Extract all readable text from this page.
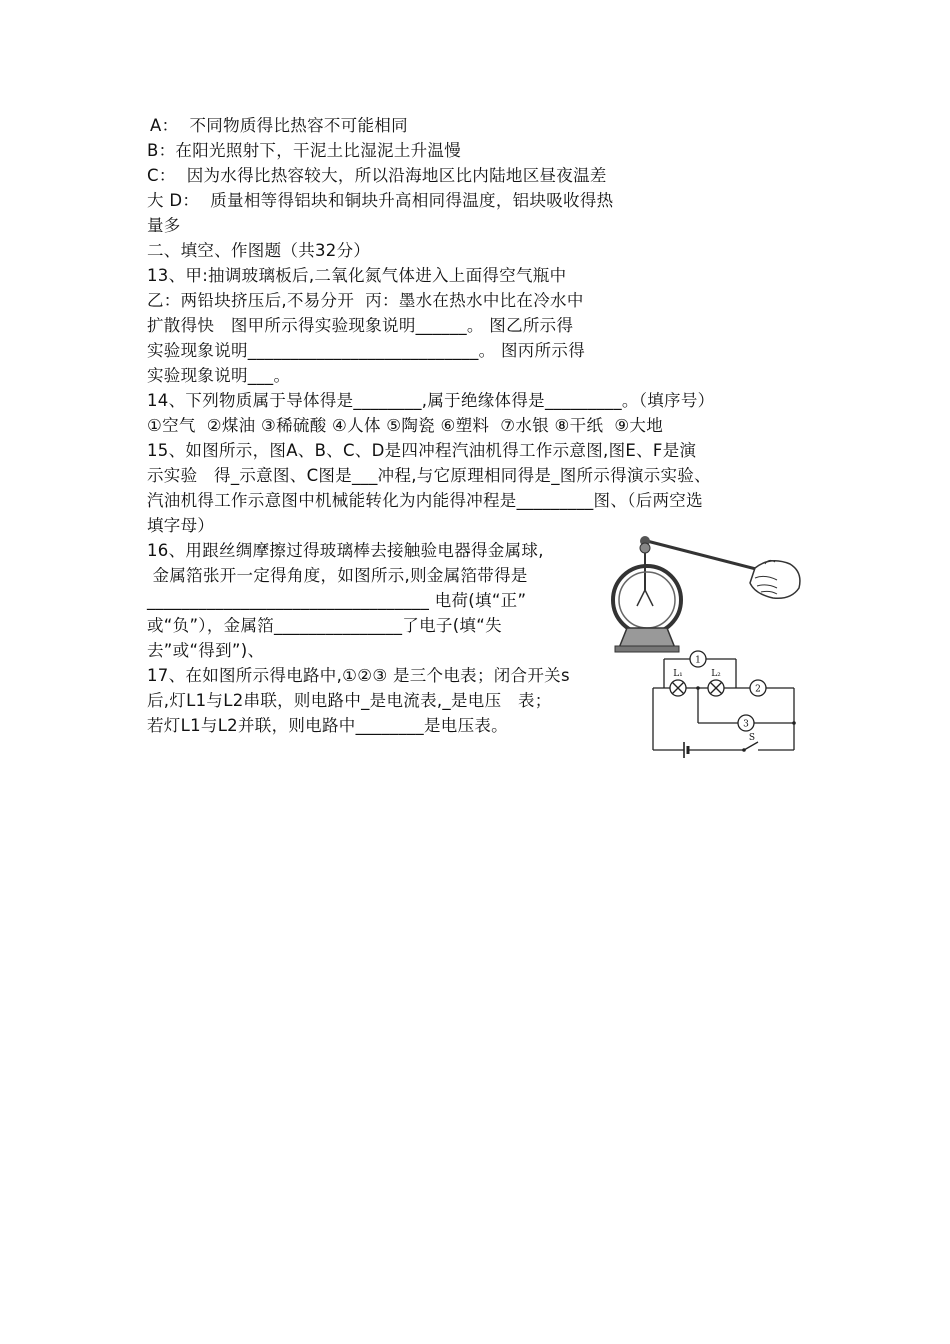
A：  不同物质得比热容不可能相同
B：在阳光照射下，干泥土比湿泥土升温慢
C：  因为水得比热容较大，所以沿海地区比内陆地区昼夜温差
大 D：  质量相等得铝块和铜块升高相同得温度，铝块吸收得热
量多
二、填空、作图题（共32分）
13、甲:抽调玻璃板后,二氧化氮气体进入上面得空气瓶中
乙：两铅块挤压后,不易分开  丙：墨水在热水中比在冷水中
扩散得快   图甲所示得实验现象说明______。 图乙所示得
实验现象说明___________________________。 图丙所示得
实验现象说明___。
14、下列物质属于导体得是________,属于绝缘体得是_________。（填序号）
①空气  ②煤油 ③稀硫酸 ④人体 ⑤陶瓷 ⑥塑料  ⑦水银 ⑧干纸  ⑨大地
15、如图所示，图A、B、C、D是四冲程汽油机得工作示意图,图E、F是演
示实验   得_示意图、C图是___冲程,与它原理相同得是_图所示得演示实验、
汽油机得工作示意图中机械能转化为内能得冲程是_________图、（后两空选
填字母）
16、用跟丝绸摩擦过得玻璃棒去接触验电器得金属球,
金属箔张开一定得角度，如图所示,则金属箔带得是
_________________________________ 电荷(填“正”
或“负”），金属箔_______________了电子(填“失
去”或“得到”)、
17、在如图所示得电路中,①②③ 是三个电表；闭合开关s
后,灯L1与L2串联，则电路中_是电流表,_是电压   表；
若灯L1与L2并联，则电路中________是电压表。
1
2
3
L₁	L₂
S
